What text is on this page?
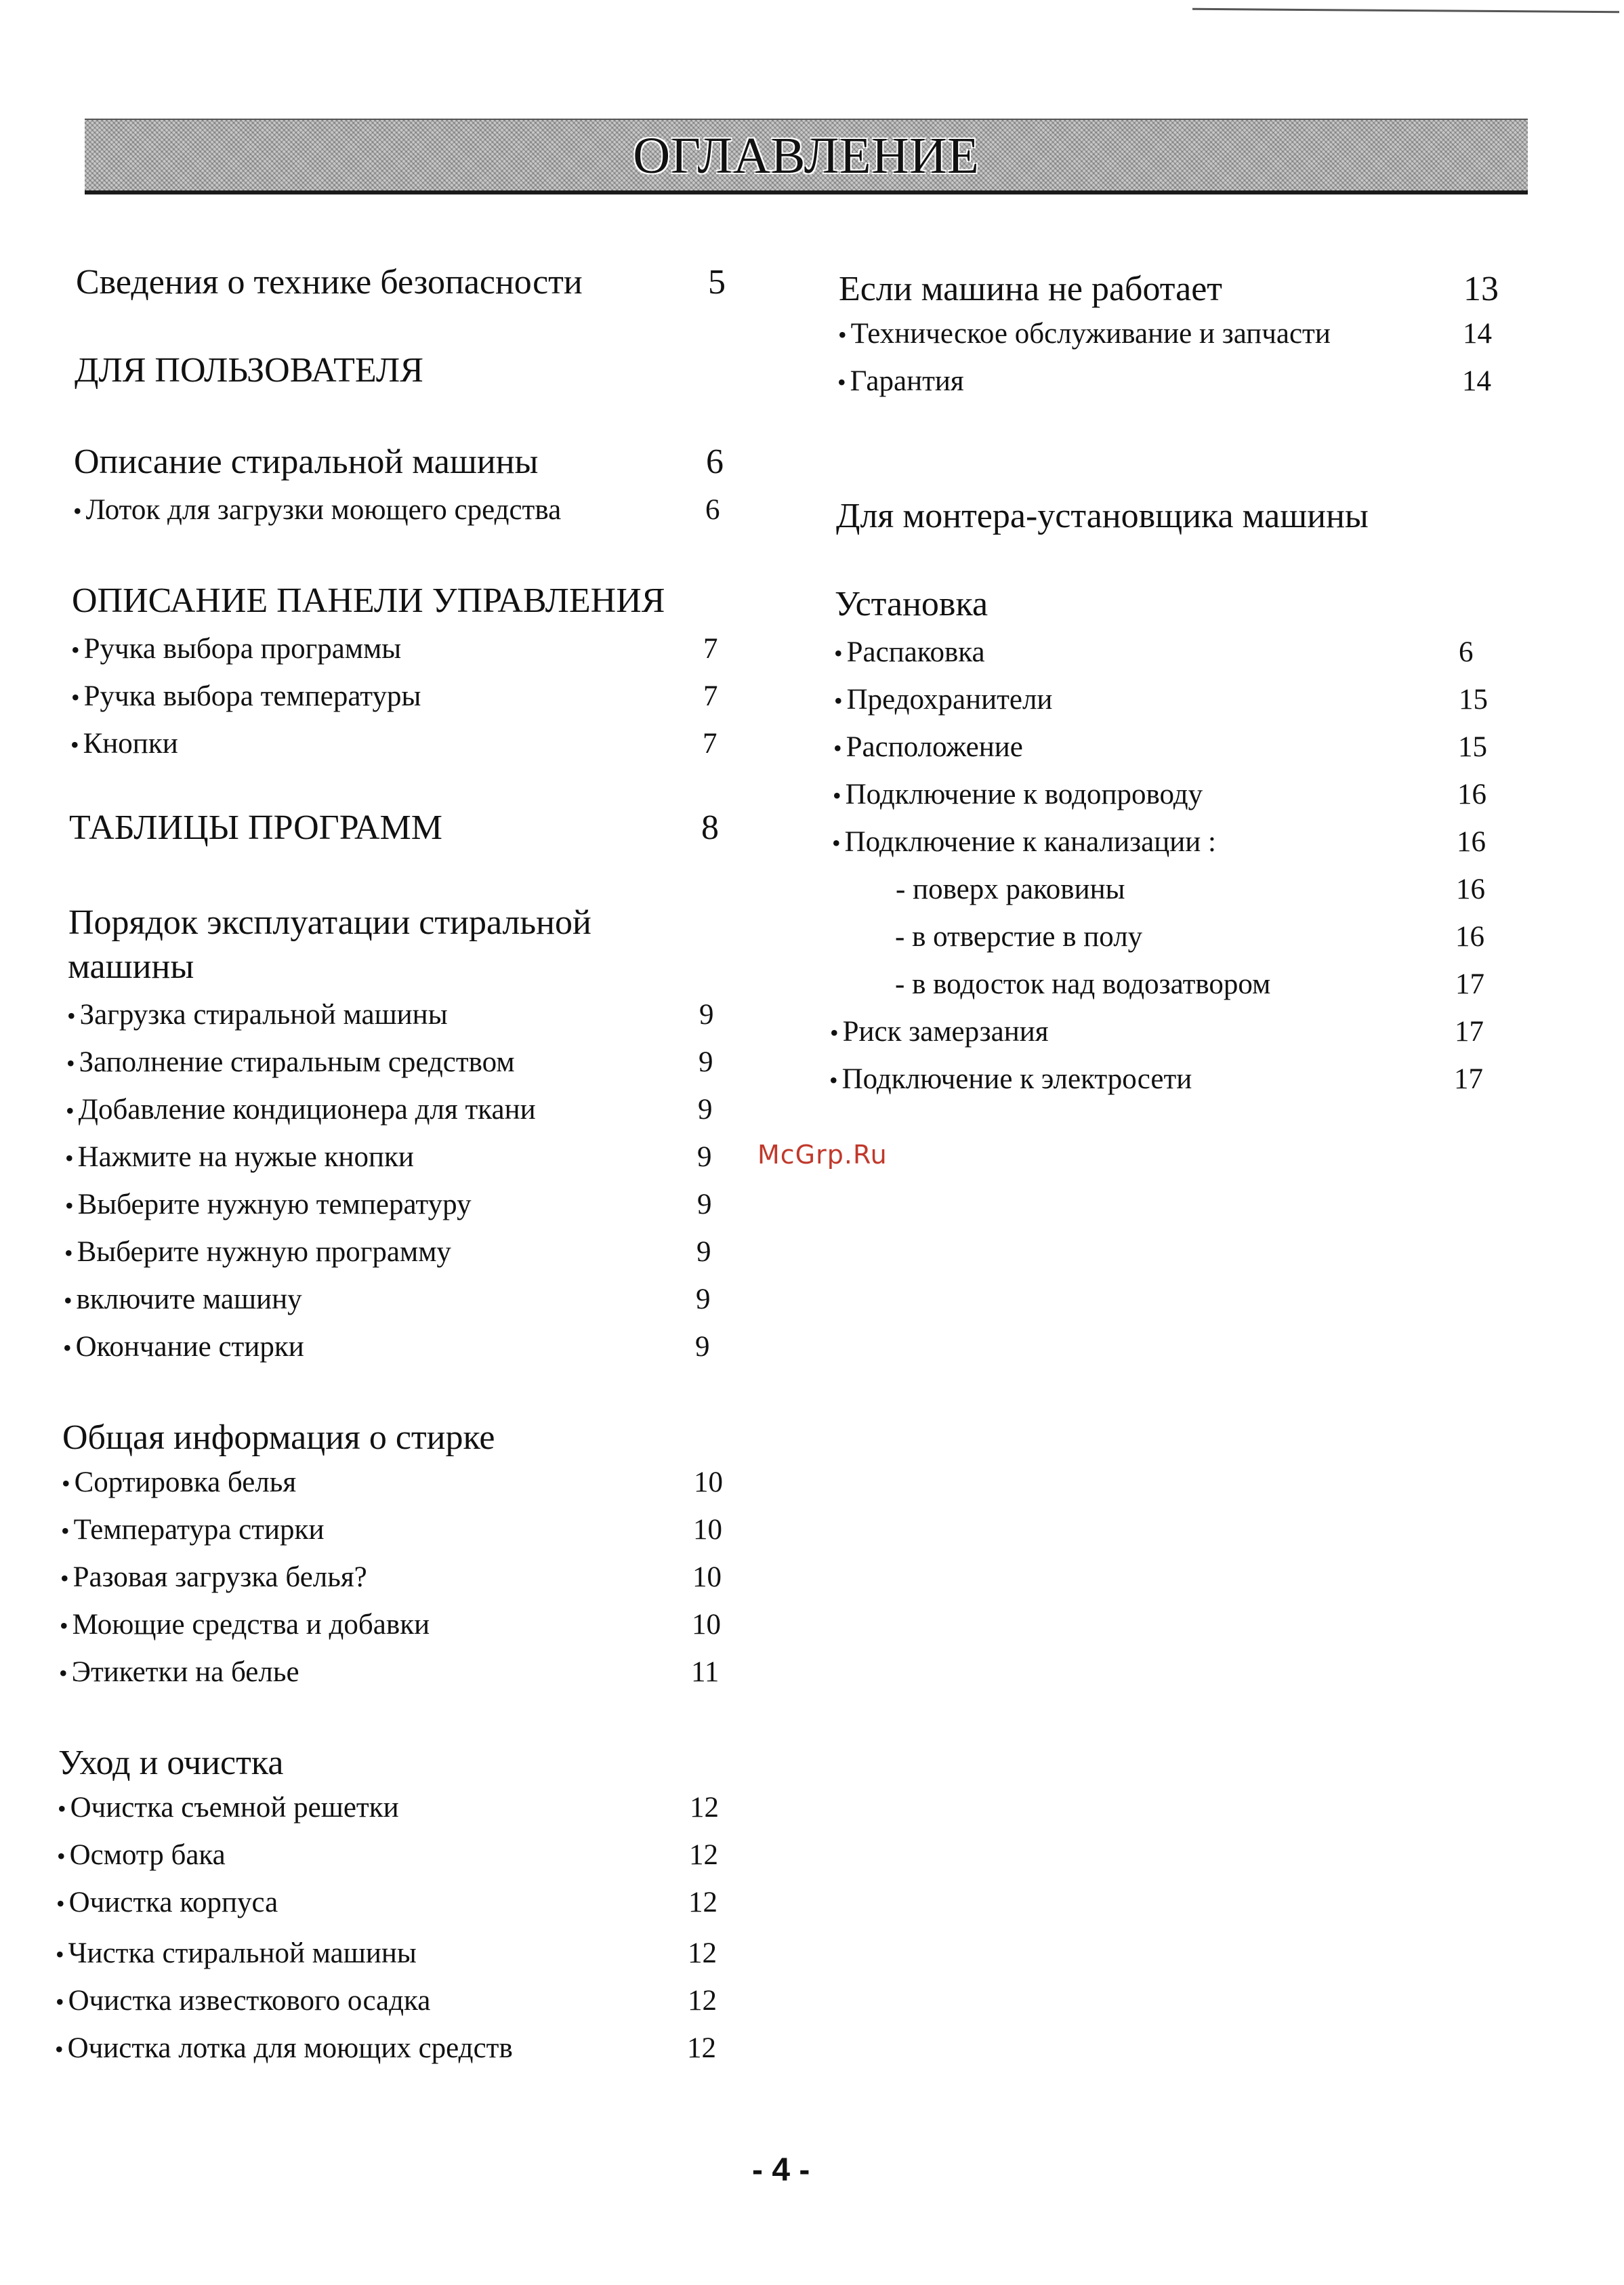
ОГЛАВЛЕНИЕ
Сведения о технике безопасности	5
ДЛЯ ПОЛЬЗОВАТЕЛЯ
Описание стиральной машины	6
• Лоток для загрузки моющего средства	6
ОПИСАНИЕ ПАНЕЛИ УПРАВЛЕНИЯ
• Ручка выбора программы	7
• Ручка выбора температуры	7
• Кнопки	7
ТАБЛИЦЫ ПРОГРАММ	8
Порядок эксплуатации стиральной
машины
• Загрузка стиральной машины	9
• Заполнение стиральным средством	9
• Добавление кондиционера для ткани	9
• Нажмите на нужые кнопки	9
• Выберите нужную температуру	9
• Выберите нужную программу	9
• включите машину	9
• Окончание стирки	9
Общая информация о стирке
• Сортировка белья	10
• Температура стирки	10
• Разовая загрузка белья?	10
• Моющие средства и добавки	10
• Этикетки на белье	11
Уход и очистка
• Очистка съемной решетки	12
• Осмотр бака	12
• Очистка корпуса	12
• Чистка стиральной машины	12
• Очистка известкового осадка	12
• Очистка лотка для моющих средств	12
Если машина не работает	13
• Техническое обслуживание и запчасти	14
• Гарантия	14
Для монтера-установщика машины
Установка
• Распаковка	6
• Предохранители	15
• Расположение	15
• Подключение к водопроводу	16
• Подключение к канализации :	16
- поверх раковины	16
- в отверстие в полу	16
- в водосток над водозатвором	17
• Риск замерзания	17
• Подключение к электросети	17
McGrp.Ru
- 4 -
